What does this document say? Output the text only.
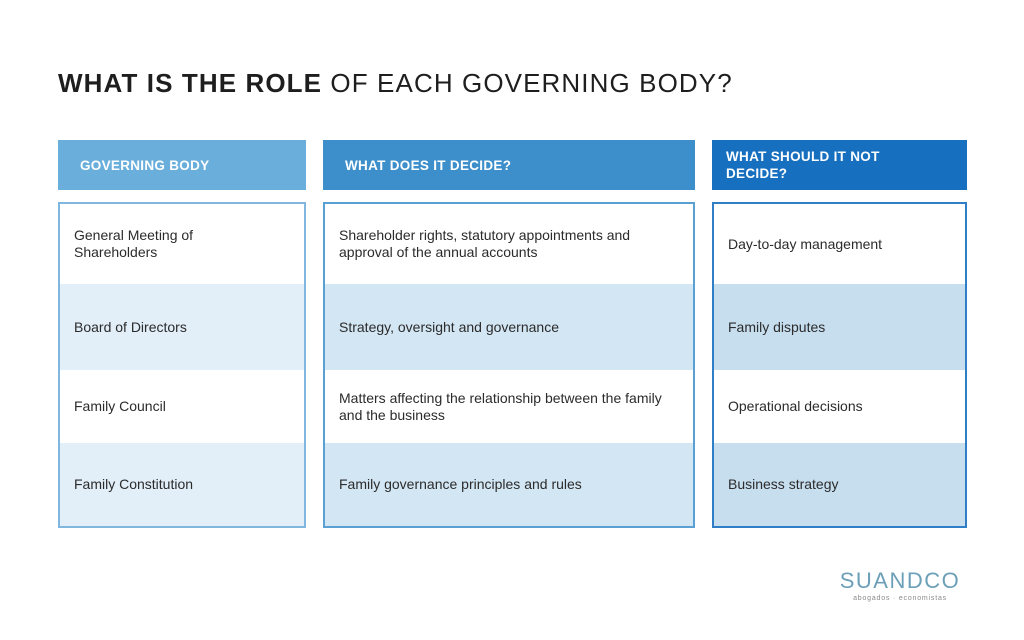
WHAT IS THE ROLE OF EACH GOVERNING BODY?
GOVERNING BODY
General Meeting of Shareholders
Board of Directors
Family Council
Family Constitution
WHAT DOES IT DECIDE?
Shareholder rights, statutory appointments and approval of the annual accounts
Strategy, oversight and governance
Matters affecting the relationship between the family and the business
Family governance principles and rules
WHAT SHOULD IT NOT DECIDE?
Day-to-day management
Family disputes
Operational decisions
Business strategy
SUANDCO
abogados · economistas
